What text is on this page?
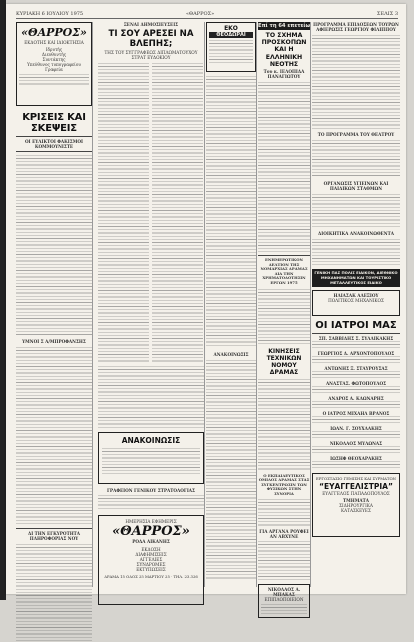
ΚΥΡΙΑΚΗ 6 ΙΟΥΛΙΟΥ 1975	«ΘΑΡΡΟΣ»	ΣΕΛΙΣ 3
«ΘΑΡΡΟΣ»
ΕΚΔΟΤΗΣ ΚΑΙ ΙΔΙΟΚΤΗΣΙΑ
Ιδρυτής
Διευθυντής
Συντάκτης
Υπεύθυνος τυπογραφείου
Γραφεία
ΚΡΙΣΕΙΣ ΚΑΙ ΣΚΕΨΕΙΣ
ΟΙ ΕΥΛΙΚΤΟΙ ΦΑΚΙΣΜΟΙ ΚΟΜΜΟΥΝΙΣΤΕ
ΥΜΝΟΙ Σ Α/ΜΠΡΟΦΑΝΣΗΣ
ΔΙ ΤΗΝ ΕΓΚΥΡΟΤΗΤΑ ΠΛΗΡΟΦΟΡΙΑΣ ΝΟΥ
ΞΕΝΑΙ ΔΗΜΟΣΙΕΥΣΕΙΣ
ΤΙ ΣΟΥ ΑΡΕΣΕΙ ΝΑ ΒΛΕΠΗΣ;
ΤΗΣ ΤΟΥ ΣΥΓΓΡΑΦΕΩΣ ΔΙΠΛΩΜΑΤΟΥΧΟΥ
ΣΤΡΑΤ ΕΥΔΟΚΙΟΥ
ΑΝΑΚΟΙΝΩΣΙΣ
ΓΡΑΦΕΙΟΝ ΓΕΝΙΚΟΥ ΣΤΡΑΤΟΛΟΓΙΑΣ
ΗΜΕΡΗΣΙΑ ΕΦΗΜΕΡΙΣ
«ΘΑΡΡΟΣ»
ΡΟΔΑ ΑΙΚΑΝΗΣ
ΕΚΔΟΣΗ
ΔΙΑΦΗΜΙΣΕΙΣ
ΑΓΓΕΛΙΕΣ
ΣΥΝΔΡΟΜΕΣ
ΕΚΤΥΠΩΣΕΙΣ
ΔΡΑΜΑ 15 ΟΔΟΣ 25 ΜΑΡΤΙΟΥ 25 · ΤΗΛ. 23.326
ΕΚΟ
ΘΕΟΔΩΡΑΙ
ΑΝΑΚΟΙΝΩΣΙΣ
Επί τη 64 επετείω
ΤΟ ΣΧΗΜΑ ΠΡΟΣΚΟΠΩΝ ΚΑΙ Η ΕΛΛΗΝΙΚΗ ΝΕΟΤΗΣ
Του κ. ΙΕΛΟΠΙΔΑ ΠΑΝΑΓΙΩΤΟΥ
ΕΝΗΜΕΡΩΤΙΚΟΝ ΔΕΛΤΙΟΝ ΤΗΣ ΝΟΜΑΡΧΙΑΣ ΔΡΑΜΑΣ ΔΙΑ ΤΗΝ ΧΡΗΜΑΤΟΔΟΤΗΣΙΝ ΕΡΓΩΝ 1975
ΚΙΝΗΣΕΙΣ ΤΕΧΝΙΚΩΝ ΝΟΜΟΥ ΔΡΑΜΑΣ
Ο ΕΚΠΑΙΔΕΥΤΙΚΟΣ ΟΜΙΛΟΣ ΔΡΑΜΑΣ ΣΤΑΣ ΣΥΓΚΕΝΤΡΩΣΙΝ ΤΩΝ ΦΥΣΙΚΩΝ ΣΤΗΝ ΣΥΝΟΡΙΑ
ΓΙΑ ΑΡΓΑΝΑ ΡΟΥΦΕΙ ΑΝ ΑΒΧΥΝΕ
ΝΙΚΟΛΑΟΣ Α. ΜΠΑΚΑΣ
ΕΠΙΠΛΟΠΟΙΕΙΟΝ
ΠΡΟΓΡΑΜΜΑ ΕΠΙΔΟΣΕΩΝ ΤΟΥΡΩΝ ΑΦΙΕΡΩΣΙΣ ΓΕΩΡΓΙΟΥ ΦΙΛΙΠΠΟΥ
ΤΟ ΠΡΟΓΡΑΜΜΑ ΤΟΥ ΘΕΑΤΡΟΥ
ΟΡΓΑΝΩΣΙΣ ΥΓΙΕΙΝΩΝ ΚΑΙ ΠΑΙΔΙΚΩΝ ΣΤΑΘΜΩΝ
ΔΙΟΙΚΗΤΙΚΑ ΑΝΑΚΟΙΝΩΘΕΝΤΑ
ΓΕΝΙΚΗ ΠΑΣ ΠΟΛΙΣ ΕΙΔΙΚΟΝ, ΔΙΕΘΝΙΚΟ ΜΗΧΑΝΗΜΑΤΩΝ ΚΑΙ ΤΟΥΡΙΣΤΙΚΟ ΜΕΤΑΛΛΕΥΤΙΚΟΣ ΕΙΔΙΚΟ
ΗΛΙΑΣΑΚ ΑΛΕΞΙΟΥ
ΠΟΛΙΤΙΚΟΣ ΜΗΧΑΝΙΚΟΣ
ΟΙ ΙΑΤΡΟΙ ΜΑΣ
ΣΠ. ΣΑΒΒΙΔΗΣ Σ. ΣΥΛΛΙΚΑΚΗΣ
ΓΕΩΡΓΙΟΣ Δ. ΑΡΧΟΝΤΟΠΟΥΛΟΣ
ΑΝΤΩΝΗΣ Ξ. ΣΤΑΥΡΟΥΣΑΣ
ΑΝΑΣΤΑΣ. ΦΩΤΟΠΟΥΛΟΣ
ΑΝΔΡΟΣ Α. ΚΛΩΝΑΡΗΣ
Ο ΙΑΤΡΟΣ ΜΙΧΑΗΛ ΒΡΑΝΟΣ
ΙΩΑΝ. Γ. ΣΟΥΧΛΑΚΗΣ
ΝΙΚΟΛΑΟΣ ΜΥΛΩΝΑΣ
ΙΩΣΗΦ ΘΕΟΧΑΡΑΚΗΣ
ΕΡΓΟΣΤΑΣΙΟ ΓΕΜΙΣΗΣ ΚΑΙ ΣΥΡΜΑΤΩΝ
“ΕΥΑΓΓΕΛΙΣΤΡΙΑ”
ΕΥΑΓΓΕΛΟΣ ΠΑΠΑΔΟΠΟΥΛΟΣ
ΤΜΗΜΑΤΑ
ΣΙΔΗΡΟΥΡΓΙΚΑ
ΚΑΤΑΣΚΕΥΕΣ
